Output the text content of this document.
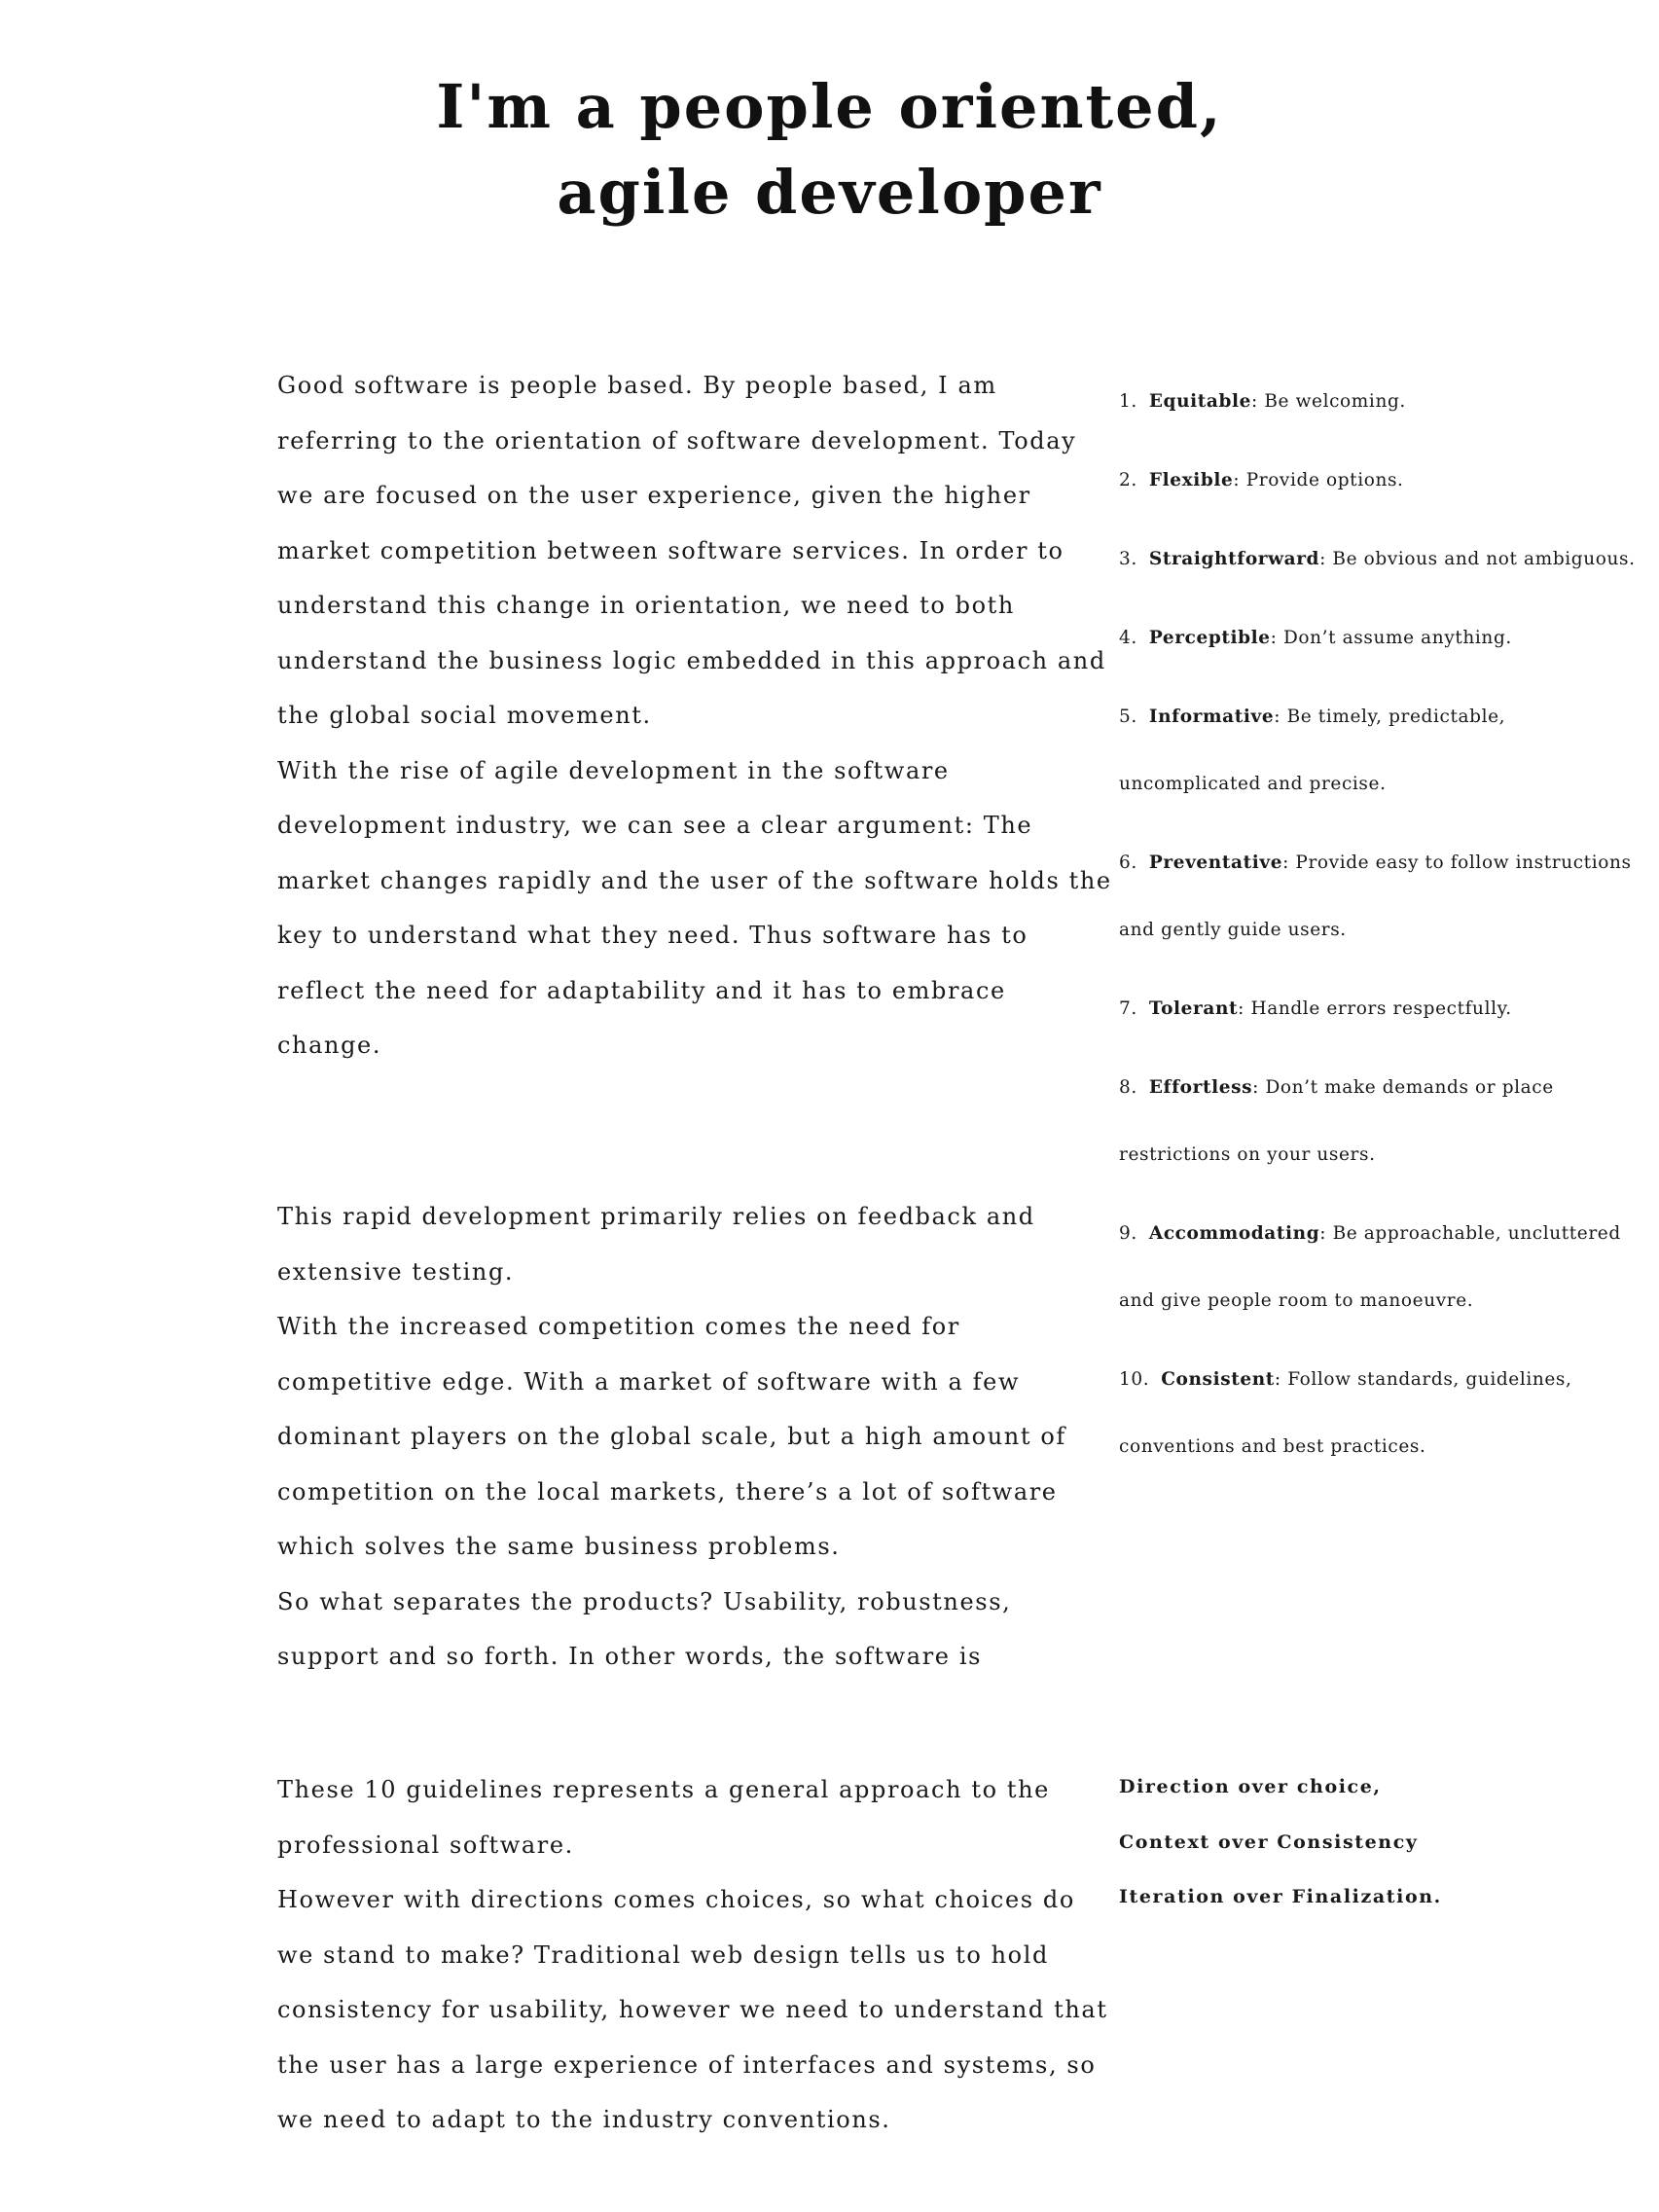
I'm a people oriented,
agile developer

Good software is people based. By people based, I am referring to the orientation of software development. Today we are focused on the user experience, given the higher market competition between software services. In order to understand this change in orientation, we need to both understand the business logic embedded in this approach and the global social movement.

With the rise of agile development in the software development industry, we can see a clear argument: The market changes rapidly and the user of the software holds the key to understand what they need. Thus software has to reflect the need for adaptability and it has to embrace change.

This rapid development primarily relies on feedback and extensive testing.

With the increased competition comes the need for competitive edge. With a market of software with a few dominant players on the global scale, but a high amount of competition on the local markets, there’s a lot of software which solves the same business problems.

So what separates the products? Usability, robustness, support and so forth. In other words, the software is

These 10 guidelines represents a general approach to the professional software.

However with directions comes choices, so what choices do we stand to make? Traditional web design tells us to hold consistency for usability, however we need to understand that the user has a large experience of interfaces and systems, so we need to adapt to the industry conventions.

1. Equitable: Be welcoming.
2. Flexible: Provide options.
3. Straightforward: Be obvious and not ambiguous.
4. Perceptible: Don’t assume anything.
5. Informative: Be timely, predictable, uncomplicated and precise.
6. Preventative: Provide easy to follow instructions and gently guide users.
7. Tolerant: Handle errors respectfully.
8. Effortless: Don’t make demands or place restrictions on your users.
9. Accommodating: Be approachable, uncluttered and give people room to manoeuvre.
10. Consistent: Follow standards, guidelines, conventions and best practices.
Direction over choice,
Context over Consistency
Iteration over Finalization.
